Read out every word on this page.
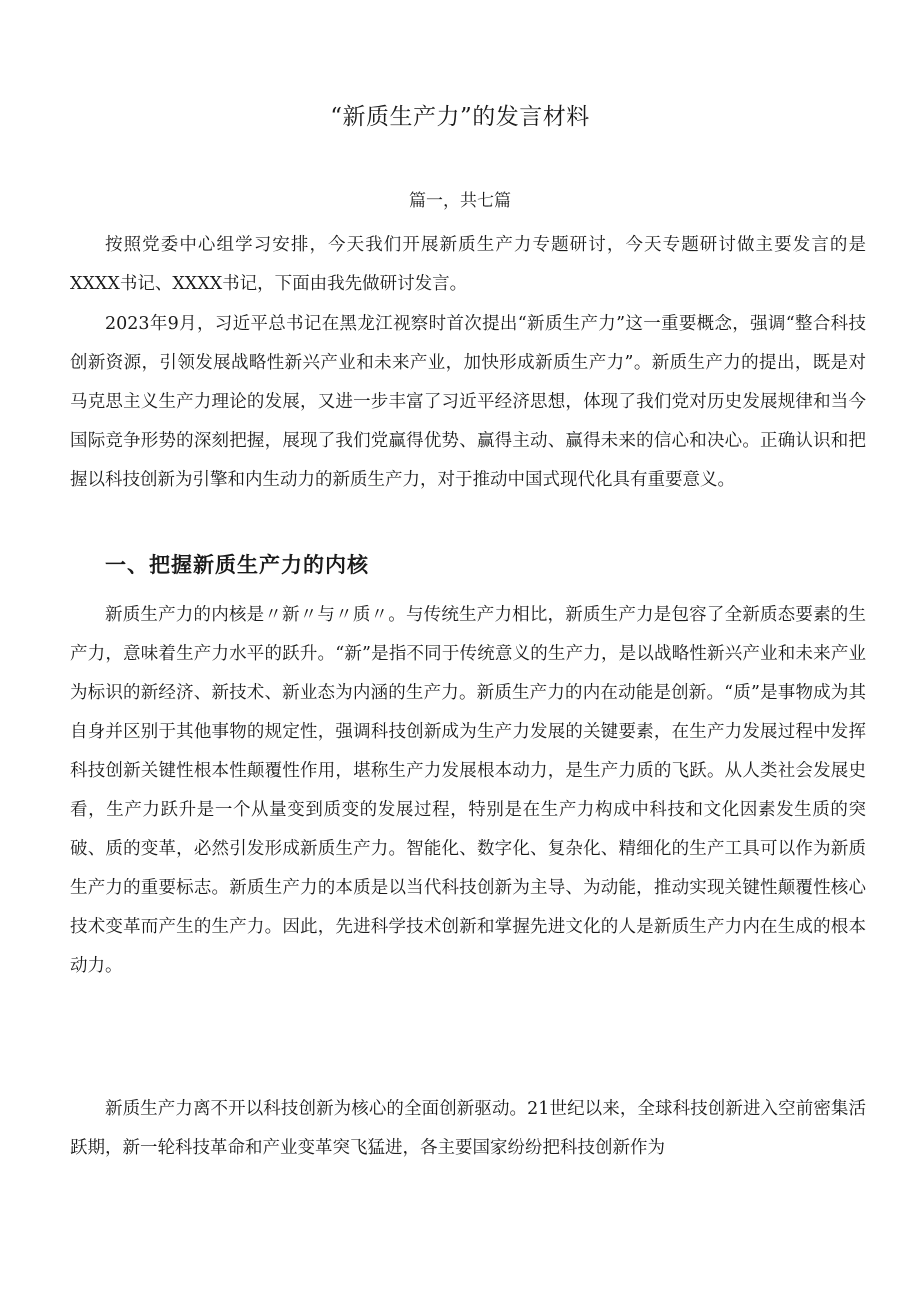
“新质生产力”的发言材料
篇一，共七篇

按照党委中心组学习安排，今天我们开展新质生产力专题研讨，今天专题研讨做主要发言的是XXXX书记、XXXX书记，下面由我先做研讨发言。

2023年9月，习近平总书记在黑龙江视察时首次提出“新质生产力”这一重要概念，强调“整合科技创新资源，引领发展战略性新兴产业和未来产业，加快形成新质生产力”。新质生产力的提出，既是对马克思主义生产力理论的发展，又进一步丰富了习近平经济思想，体现了我们党对历史发展规律和当今国际竞争形势的深刻把握，展现了我们党赢得优势、赢得主动、赢得未来的信心和决心。正确认识和把握以科技创新为引擎和内生动力的新质生产力，对于推动中国式现代化具有重要意义。

一、把握新质生产力的内核

新质生产力的内核是〃新〃与〃质〃。与传统生产力相比，新质生产力是包容了全新质态要素的生产力，意味着生产力水平的跃升。“新”是指不同于传统意义的生产力，是以战略性新兴产业和未来产业为标识的新经济、新技术、新业态为内涵的生产力。新质生产力的内在动能是创新。“质”是事物成为其自身并区别于其他事物的规定性，强调科技创新成为生产力发展的关键要素，在生产力发展过程中发挥科技创新关键性根本性颠覆性作用，堪称生产力发展根本动力，是生产力质的飞跃。从人类社会发展史看，生产力跃升是一个从量变到质变的发展过程，特别是在生产力构成中科技和文化因素发生质的突破、质的变革，必然引发形成新质生产力。智能化、数字化、复杂化、精细化的生产工具可以作为新质生产力的重要标志。新质生产力的本质是以当代科技创新为主导、为动能，推动实现关键性颠覆性核心技术变革而产生的生产力。因此，先进科学技术创新和掌握先进文化的人是新质生产力内在生成的根本动力。

新质生产力离不开以科技创新为核心的全面创新驱动。21世纪以来，全球科技创新进入空前密集活跃期，新一轮科技革命和产业变革突飞猛进，各主要国家纷纷把科技创新作为
